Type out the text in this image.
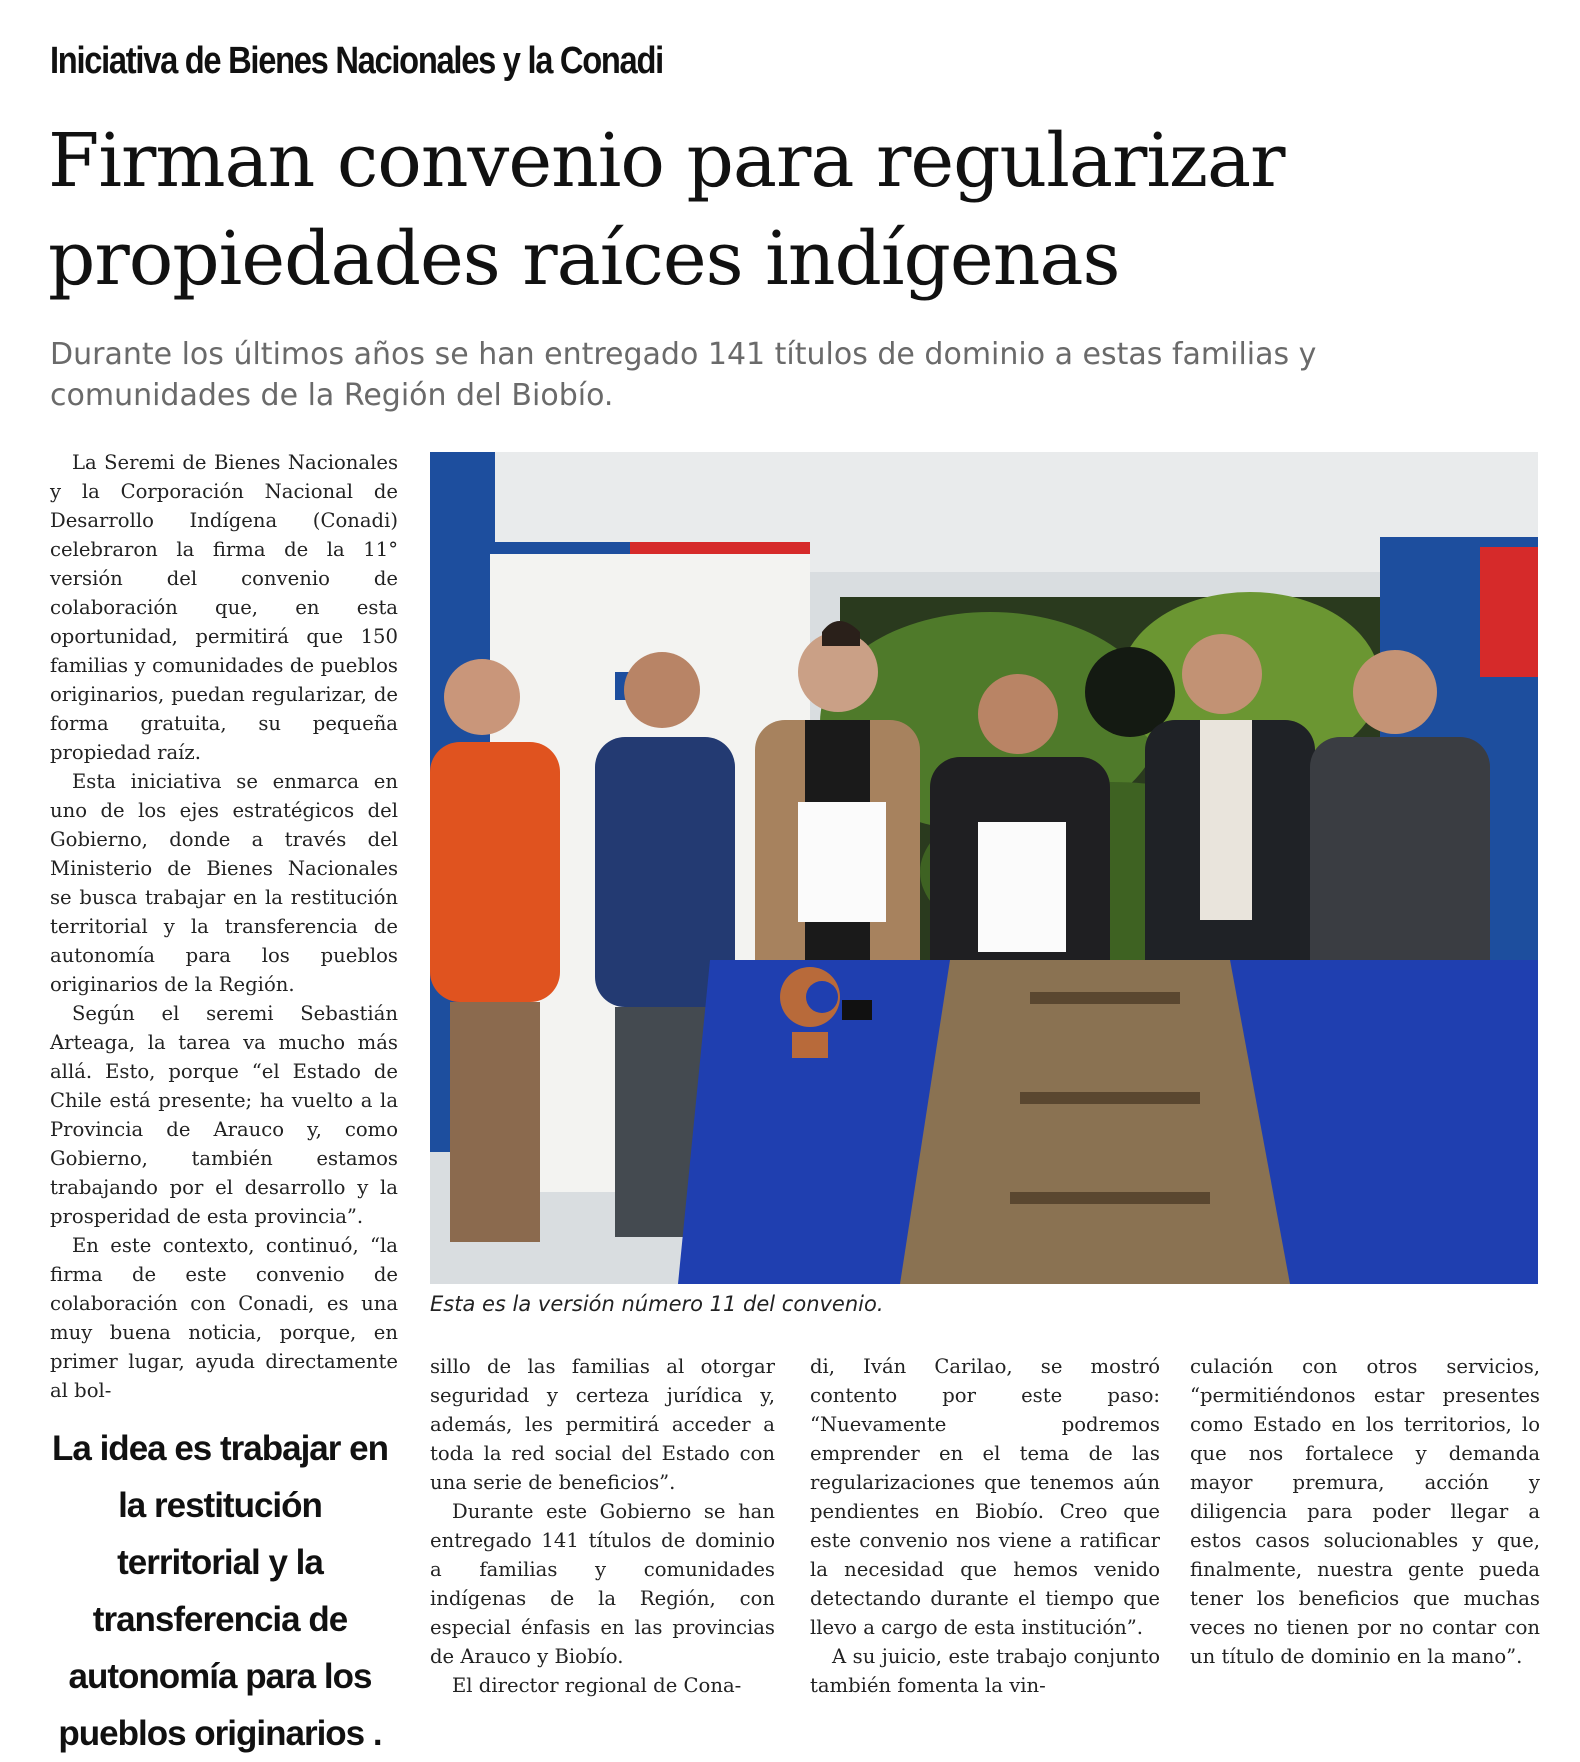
Iniciativa de Bienes Nacionales y la Conadi
Firman convenio para regularizar propiedades raíces indígenas

Durante los últimos años se han entregado 141 títulos de dominio a estas familias y comunidades de la Región del Biobío.

La Seremi de Bienes Nacionales y la Corporación Nacional de Desarrollo Indígena (Conadi) celebraron la firma de la 11° versión del convenio de colaboración que, en esta oportunidad, permitirá que 150 familias y comunidades de pueblos originarios, puedan regularizar, de forma gratuita, su pequeña propiedad raíz.

Esta iniciativa se enmarca en uno de los ejes estratégicos del Gobierno, donde a través del Ministerio de Bienes Nacionales se busca trabajar en la restitución territorial y la transferencia de autonomía para los pueblos originarios de la Región.

Según el seremi Sebastián Arteaga, la tarea va mucho más allá. Esto, porque “el Estado de Chile está presente; ha vuelto a la Provincia de Arauco y, como Gobierno, también estamos trabajando por el desarrollo y la prosperidad de esta provincia”.

En este contexto, continuó, “la firma de este convenio de colaboración con Conadi, es una muy buena noticia, porque, en primer lugar, ayuda directamente al bol-

Esta es la versión número 11 del convenio.

sillo de las familias al otorgar seguridad y certeza jurídica y, además, les permitirá acceder a toda la red social del Estado con una serie de beneficios”.

Durante este Gobierno se han entregado 141 títulos de dominio a familias y comunidades indígenas de la Región, con especial énfasis en las provincias de Arauco y Biobío.

El director regional de Cona-

di, Iván Carilao, se mostró contento por este paso: “Nuevamente podremos emprender en el tema de las regularizaciones que tenemos aún pendientes en Biobío. Creo que este convenio nos viene a ratificar la necesidad que hemos venido detectando durante el tiempo que llevo a cargo de esta institución”.

A su juicio, este trabajo conjunto también fomenta la vin-

culación con otros servicios, “permitiéndonos estar presentes como Estado en los territorios, lo que nos fortalece y demanda mayor premura, acción y diligencia para poder llegar a estos casos solucionables y que, finalmente, nuestra gente pueda tener los beneficios que muchas veces no tienen por no contar con un título de dominio en la mano”.

La idea es trabajar en la restitución territorial y la transferencia de autonomía para los pueblos originarios .
